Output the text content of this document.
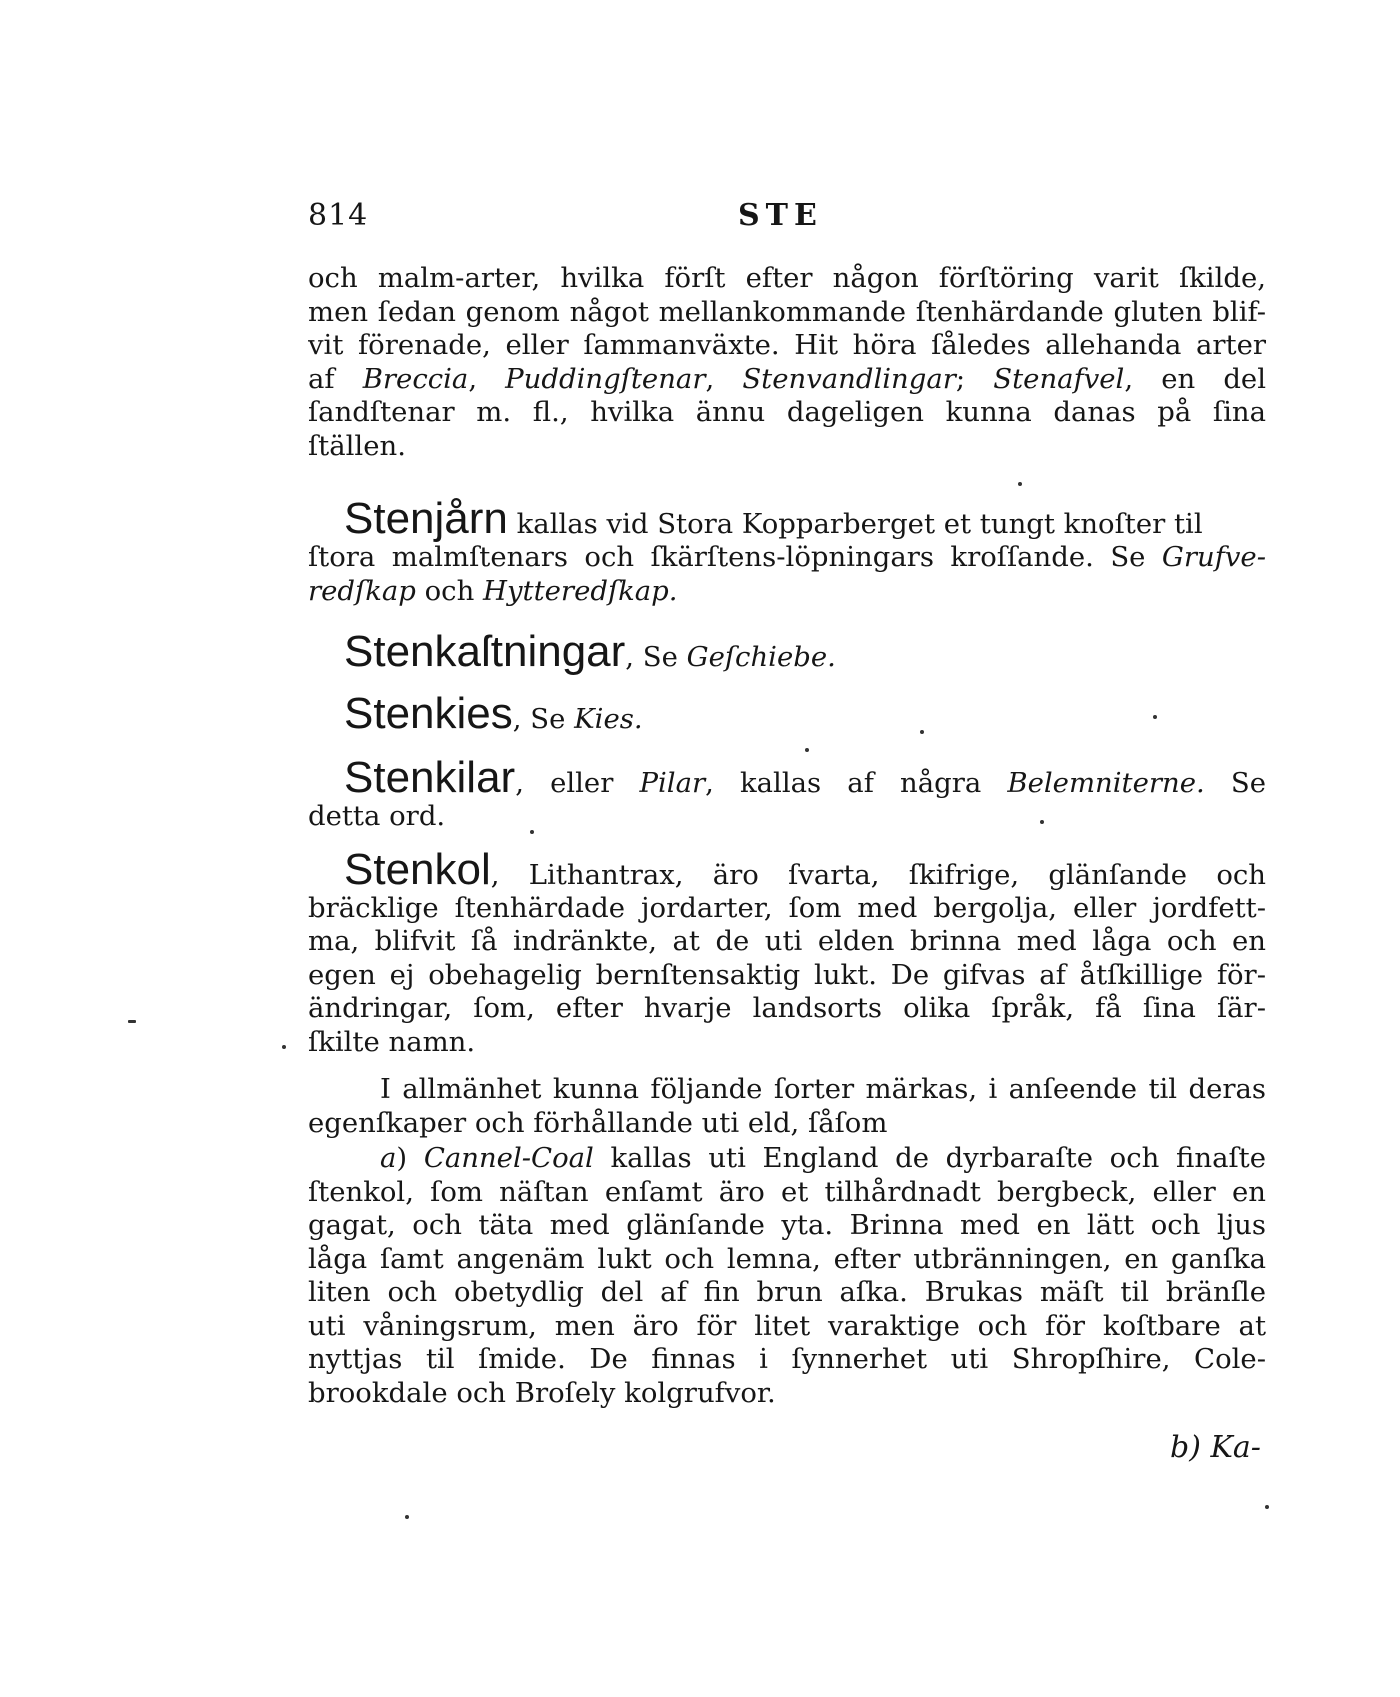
814	STE
och malm-arter, hvilka förſt efter någon förſtöring varit ſkilde,
men ſedan genom något mellankommande ſtenhärdande gluten blif-
vit förenade, eller ſammanväxte. Hit höra ſåledes allehanda arter
af Breccia, Puddingſtenar, Stenvandlingar; Stenafvel, en del
ſandſtenar m. fl., hvilka ännu dageligen kunna danas på ſina
ſtällen.
Stenjårn kallas vid Stora Kopparberget et tungt knoſter til
ſtora malmſtenars och ſkärſtens-löpningars kroſſande. Se Grufve-
redſkap och Hytteredſkap.
Stenkaſtningar, Se Geſchiebe.
Stenkies, Se Kies.
Stenkilar, eller Pilar, kallas af några Belemniterne. Se
detta ord.
Stenkol, Lithantrax, äro ſvarta, ſkifrige, glänſande och
bräcklige ſtenhärdade jordarter, ſom med bergolja, eller jordfett-
ma, blifvit ſå indränkte, at de uti elden brinna med låga och en
egen ej obehagelig bernſtensaktig lukt. De gifvas af åtſkillige för-
ändringar, ſom, efter hvarje landsorts olika ſpråk, få ſina ſär-
ſkilte namn.
I allmänhet kunna följande ſorter märkas, i anſeende til deras
egenſkaper och förhållande uti eld, ſåſom
a) Cannel-Coal kallas uti England de dyrbaraſte och finaſte
ſtenkol, ſom näſtan enſamt äro et tilhårdnadt bergbeck, eller en
gagat, och täta med glänſande yta. Brinna med en lätt och ljus
låga ſamt angenäm lukt och lemna, efter utbränningen, en ganſka
liten och obetydlig del af fin brun aſka. Brukas mäſt til bränſle
uti våningsrum, men äro för litet varaktige och för koſtbare at
nyttjas til ſmide. De finnas i ſynnerhet uti Shropſhire, Cole-
brookdale och Broſely kolgrufvor.
b) Ka-
